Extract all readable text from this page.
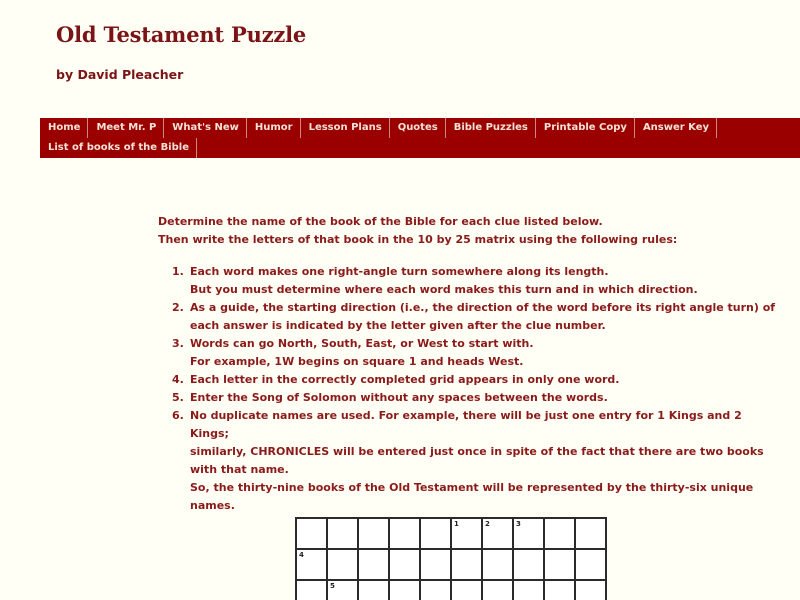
Old Testament Puzzle

by David Pleacher

Home	Meet Mr. P	What's New	Humor	Lesson Plans	Quotes	Bible Puzzles	Printable Copy	Answer Key
List of books of the Bible

Determine the name of the book of the Bible for each clue listed below.

Then write the letters of that book in the 10 by 25 matrix using the following rules:

1. Each word makes one right-angle turn somewhere along its length.
But you must determine where each word makes this turn and in which direction.
2. As a guide, the starting direction (i.e., the direction of the word before its right angle turn) of
each answer is indicated by the letter given after the clue number.
3. Words can go North, South, East, or West to start with.
For example, 1W begins on square 1 and heads West.
4. Each letter in the correctly completed grid appears in only one word.
5. Enter the Song of Solomon without any spaces between the words.
6. No duplicate names are used. For example, there will be just one entry for 1 Kings and 2 Kings;
similarly, CHRONICLES will be entered just once in spite of the fact that there are two books
with that name.
So, the thirty-nine books of the Old Testament will be represented by the thirty-six unique
names.

					1	2	3		

4									

	5								
